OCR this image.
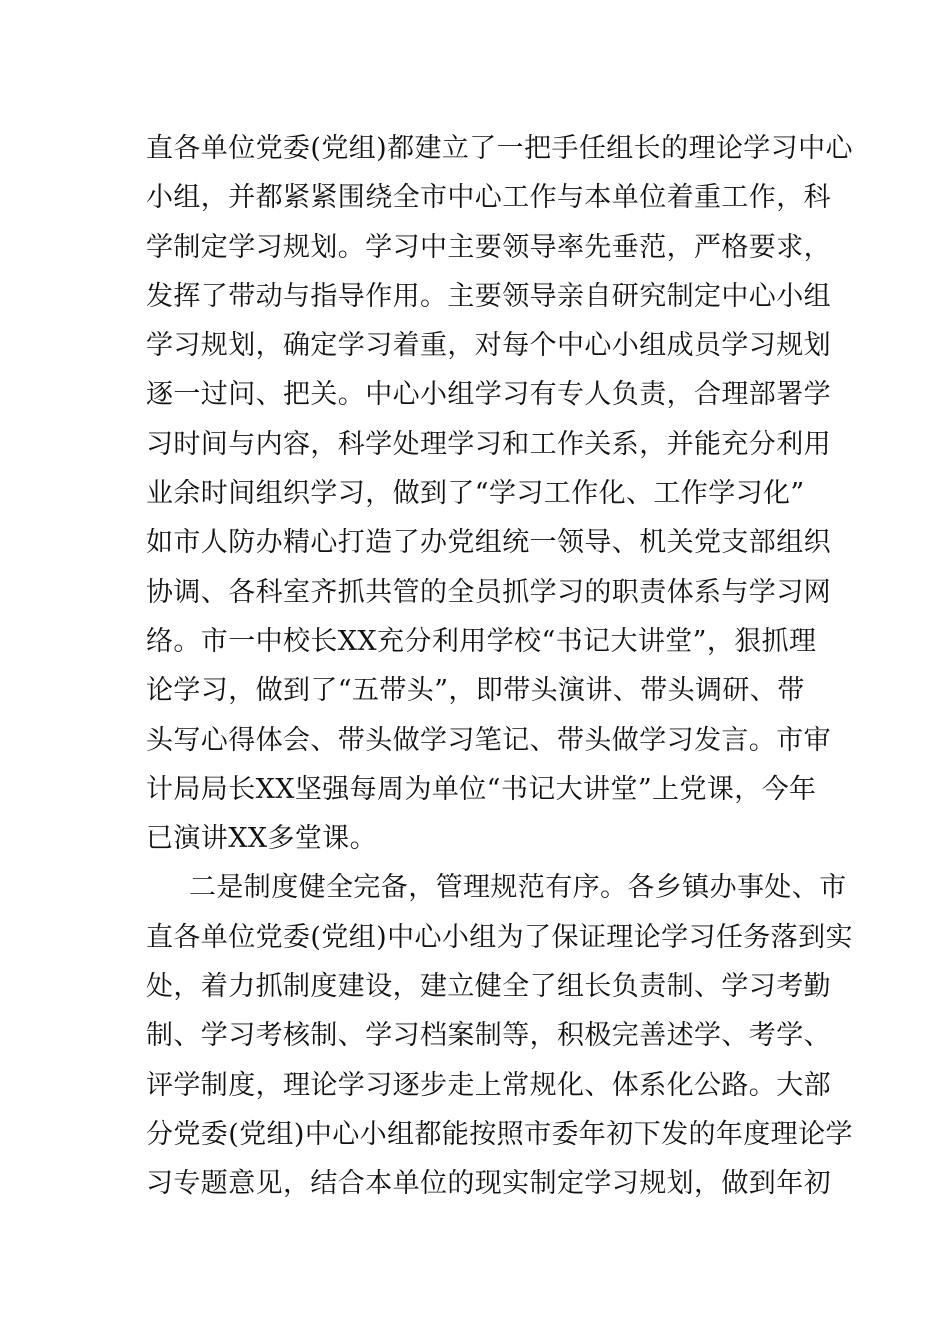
直各单位党委(党组)都建立了一把手任组长的理论学习中心
小组，并都紧紧围绕全市中心工作与本单位着重工作，科
学制定学习规划。学习中主要领导率先垂范，严格要求，
发挥了带动与指导作用。主要领导亲自研究制定中心小组
学习规划，确定学习着重，对每个中心小组成员学习规划
逐一过问、把关。中心小组学习有专人负责，合理部署学
习时间与内容，科学处理学习和工作关系，并能充分利用
业余时间组织学习，做到了“学习工作化、工作学习化”
如市人防办精心打造了办党组统一领导、机关党支部组织
协调、各科室齐抓共管的全员抓学习的职责体系与学习网
络。市一中校长XX充分利用学校“书记大讲堂”，狠抓理
论学习，做到了“五带头”，即带头演讲、带头调研、带
头写心得体会、带头做学习笔记、带头做学习发言。市审
计局局长XX坚强每周为单位“书记大讲堂”上党课，今年
已演讲XX多堂课。
二是制度健全完备，管理规范有序。各乡镇办事处、市
直各单位党委(党组)中心小组为了保证理论学习任务落到实
处，着力抓制度建设，建立健全了组长负责制、学习考勤
制、学习考核制、学习档案制等，积极完善述学、考学、
评学制度，理论学习逐步走上常规化、体系化公路。大部
分党委(党组)中心小组都能按照市委年初下发的年度理论学
习专题意见，结合本单位的现实制定学习规划，做到年初
